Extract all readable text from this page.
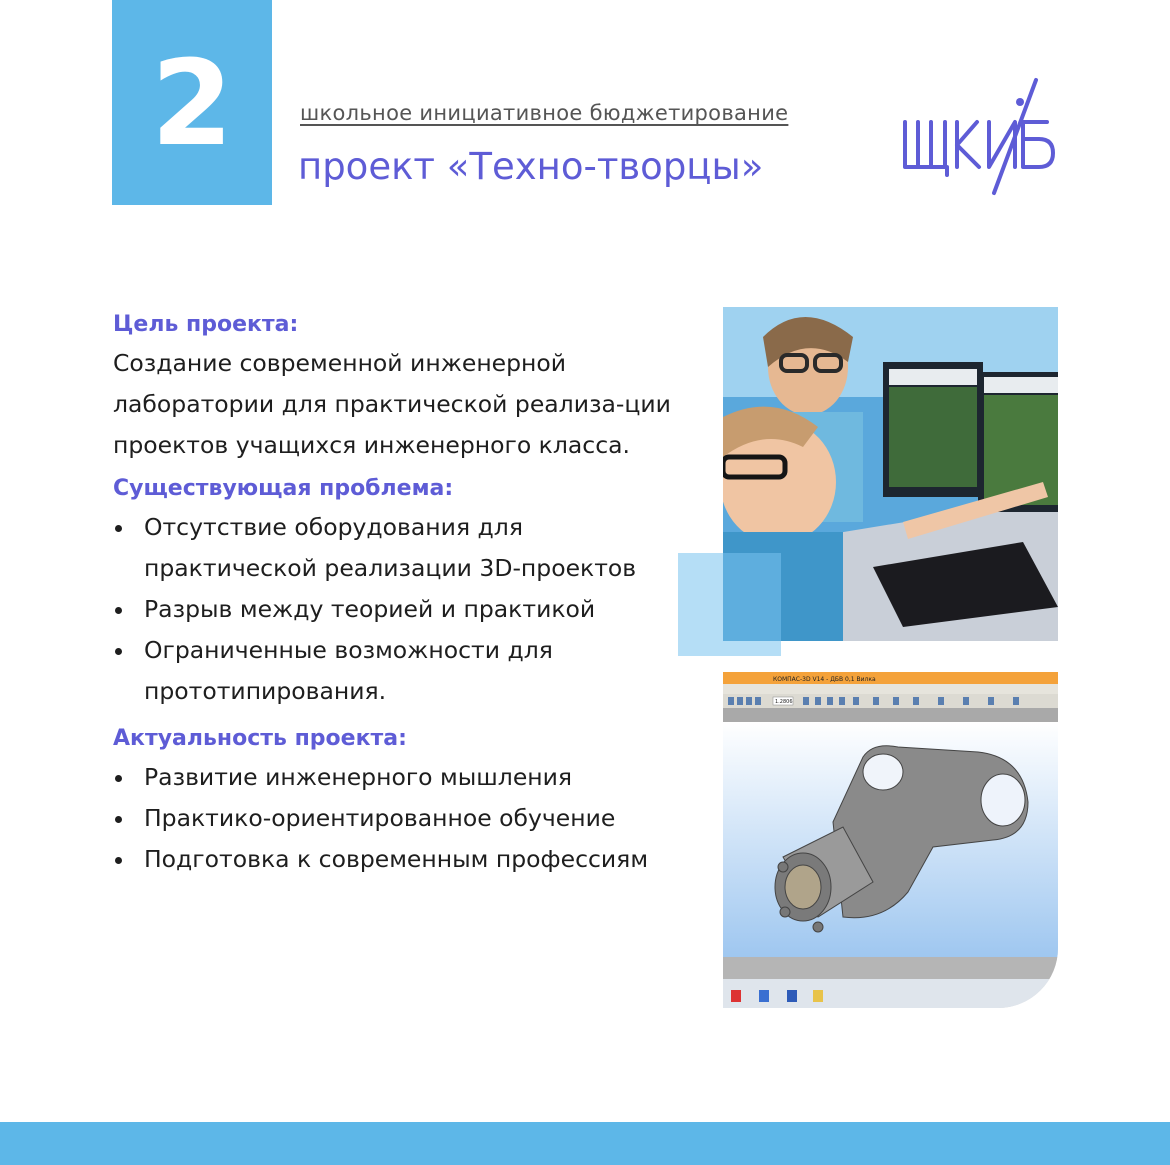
2	школьное инициативное бюджетирование
проект «Техно-творцы»
Цель проекта:

Создание современной инженерной лаборатории для практической реализа-ции проектов учащихся инженерного класса.

Существующая проблема:
Отсутствие оборудования для практической реализации 3D-проектов
Разрыв между теорией и практикой
Ограниченные возможности для прототипирования.
Актуальность проекта:
Развитие инженерного мышления
Практико-ориентированное обучение
Подготовка к современным профессиям
КОМПАС-3D V14 - ДБВ 0,1 Вилка
1.2806
